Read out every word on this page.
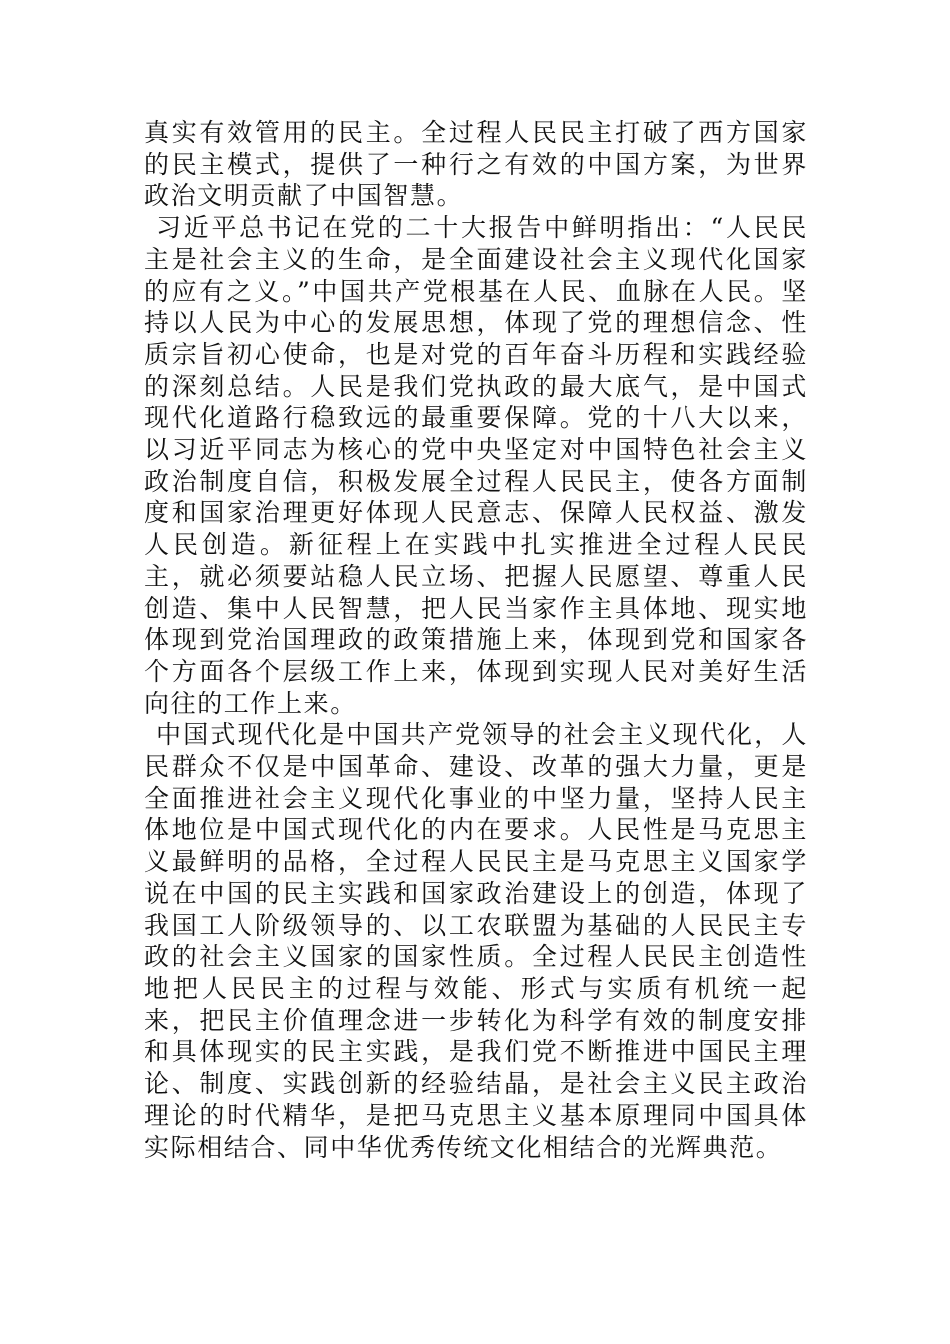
真实有效管用的民主。全过程人民民主打破了西方国家的民主模式，提供了一种行之有效的中国方案，为世界政治文明贡献了中国智慧。

习近平总书记在党的二十大报告中鲜明指出：“人民民主是社会主义的生命，是全面建设社会主义现代化国家的应有之义。”中国共产党根基在人民、血脉在人民。坚持以人民为中心的发展思想，体现了党的理想信念、性质宗旨初心使命，也是对党的百年奋斗历程和实践经验的深刻总结。人民是我们党执政的最大底气，是中国式现代化道路行稳致远的最重要保障。党的十八大以来，以习近平同志为核心的党中央坚定对中国特色社会主义政治制度自信，积极发展全过程人民民主，使各方面制度和国家治理更好体现人民意志、保障人民权益、激发人民创造。新征程上在实践中扎实推进全过程人民民主，就必须要站稳人民立场、把握人民愿望、尊重人民创造、集中人民智慧，把人民当家作主具体地、现实地体现到党治国理政的政策措施上来，体现到党和国家各个方面各个层级工作上来，体现到实现人民对美好生活向往的工作上来。

中国式现代化是中国共产党领导的社会主义现代化，人民群众不仅是中国革命、建设、改革的强大力量，更是全面推进社会主义现代化事业的中坚力量，坚持人民主体地位是中国式现代化的内在要求。人民性是马克思主义最鲜明的品格，全过程人民民主是马克思主义国家学说在中国的民主实践和国家政治建设上的创造，体现了我国工人阶级领导的、以工农联盟为基础的人民民主专政的社会主义国家的国家性质。全过程人民民主创造性地把人民民主的过程与效能、形式与实质有机统一起来，把民主价值理念进一步转化为科学有效的制度安排和具体现实的民主实践，是我们党不断推进中国民主理论、制度、实践创新的经验结晶，是社会主义民主政治理论的时代精华，是把马克思主义基本原理同中国具体实际相结合、同中华优秀传统文化相结合的光辉典范。
